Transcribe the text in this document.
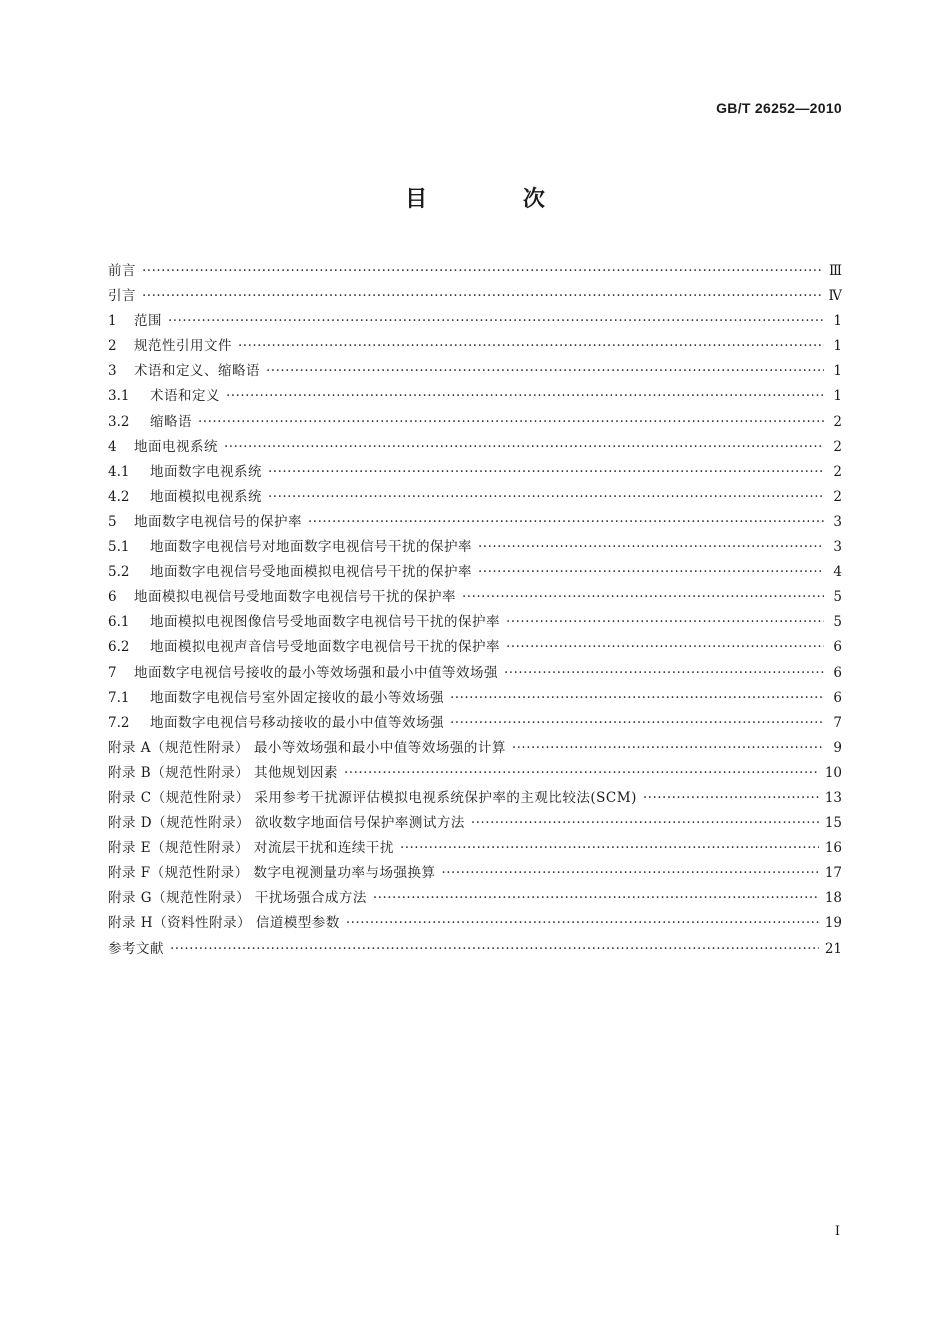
GB/T 26252—2010
目 次
前言 ·····	Ⅲ
引言 ·····	Ⅳ
1	范围 ·····	1
2	规范性引用文件 ·····	1
3	术语和定义、缩略语 ·····	1
3.1	术语和定义 ·····	1
3.2	缩略语 ·····	2
4	地面电视系统 ·····	2
4.1	地面数字电视系统 ·····	2
4.2	地面模拟电视系统 ·····	2
5	地面数字电视信号的保护率 ·····	3
5.1	地面数字电视信号对地面数字电视信号干扰的保护率 ·····	3
5.2	地面数字电视信号受地面模拟电视信号干扰的保护率 ·····	4
6	地面模拟电视信号受地面数字电视信号干扰的保护率 ·····	5
6.1	地面模拟电视图像信号受地面数字电视信号干扰的保护率 ·····	5
6.2	地面模拟电视声音信号受地面数字电视信号干扰的保护率 ·····	6
7	地面数字电视信号接收的最小等效场强和最小中值等效场强 ·····	6
7.1	地面数字电视信号室外固定接收的最小等效场强 ·····	6
7.2	地面数字电视信号移动接收的最小中值等效场强 ·····	7
附录 A（规范性附录） 最小等效场强和最小中值等效场强的计算 ·····	9
附录 B（规范性附录） 其他规划因素 ·····	10
附录 C（规范性附录） 采用参考干扰源评估模拟电视系统保护率的主观比较法(SCM) ·····	13
附录 D（规范性附录） 欲收数字地面信号保护率测试方法 ·····	15
附录 E（规范性附录） 对流层干扰和连续干扰 ·····	16
附录 F（规范性附录） 数字电视测量功率与场强换算 ·····	17
附录 G（规范性附录） 干扰场强合成方法 ·····	18
附录 H（资料性附录） 信道模型参数 ·····	19
参考文献 ·····	21
I
